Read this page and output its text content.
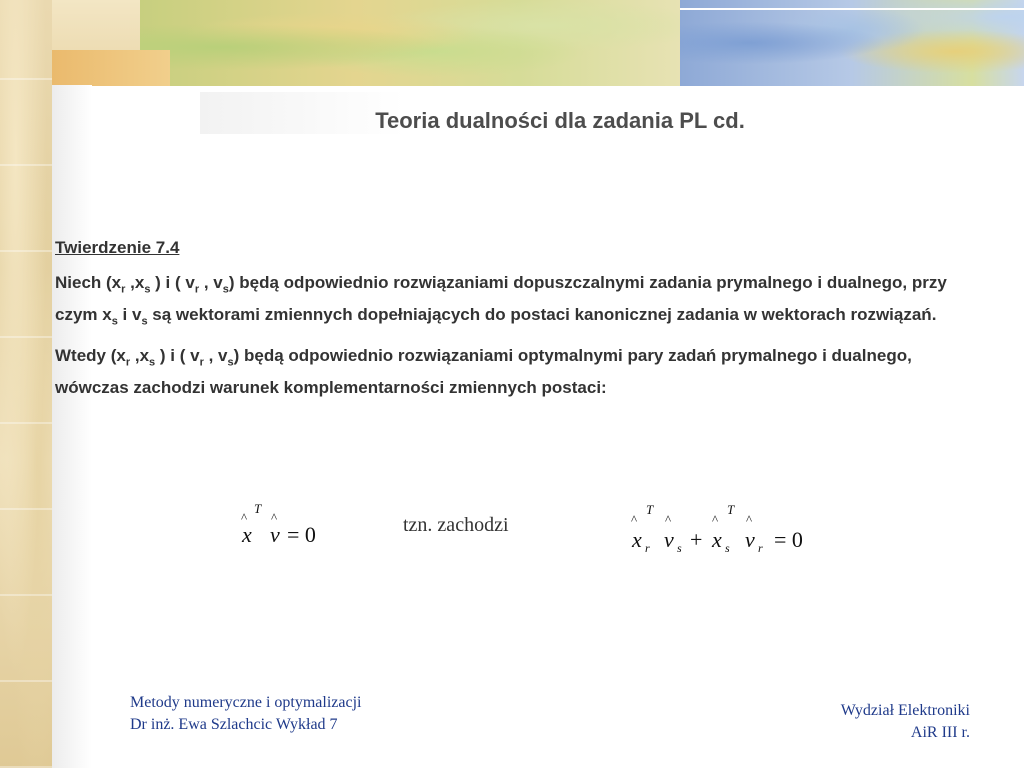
Teoria dualności dla zadania PL cd.
Twierdzenie 7.4

Niech ($x_r$ $,x_s$ ) i ( $v_r$ , $v_s$) będą odpowiednio rozwiązaniami dopuszczalnymi zadania prymalnego i dualnego, przy czym $x_s$ i $v_s$ są wektorami zmiennych dopełniających do postaci kanonicznej zadania w wektorach rozwiązań.

Wtedy ($x_r$ $,x_s$ ) i ( $v_r$ , $v_s$) będą odpowiednio rozwiązaniami optymalnymi pary zadań prymalnego i dualnego, wówczas zachodzi warunek komplementarności zmiennych postaci:

^
T
^
x v = 0	tzn. zachodzi	^
T
^	^
T
^
x r v s + x s v r = 0
Metody numeryczne i optymalizacji
Dr inż. Ewa Szlachcic Wykład 7
Wydział Elektroniki
AiR III r.
